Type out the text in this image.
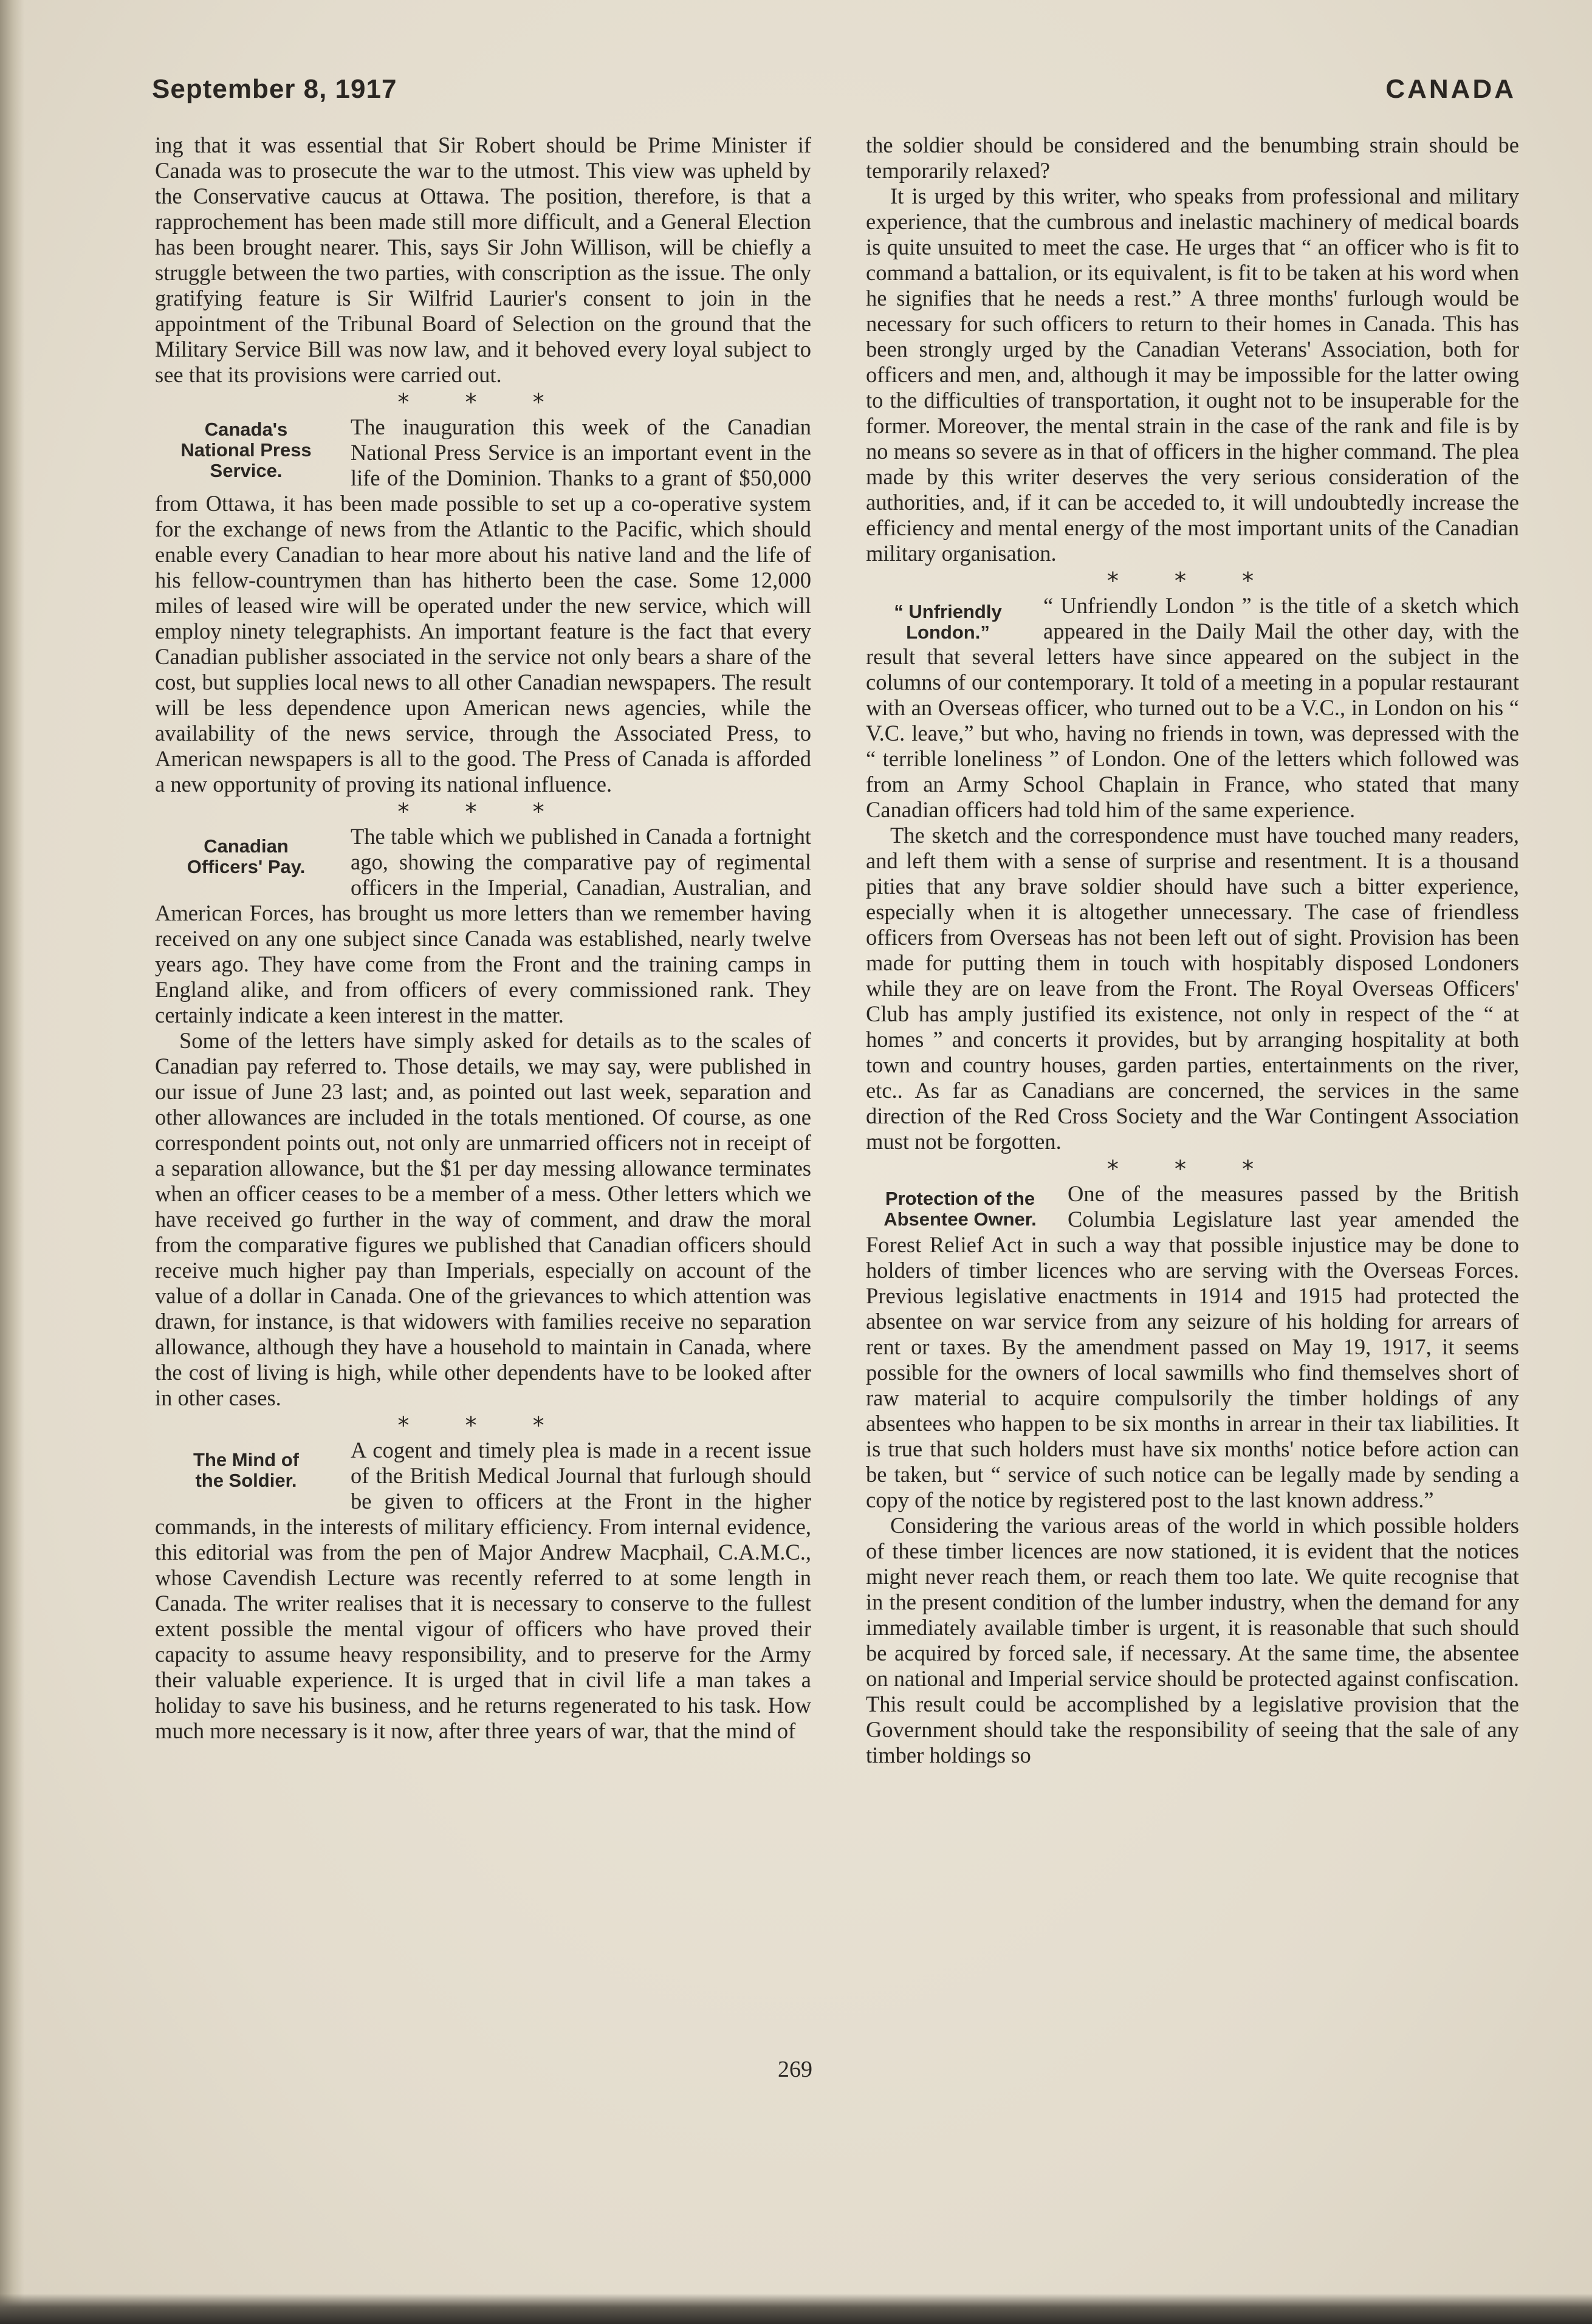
September 8, 1917	CANADA

ing that it was essential that Sir Robert should be Prime Minister if Canada was to prosecute the war to the utmost. This view was upheld by the Conservative caucus at Ottawa. The position, therefore, is that a rapprochement has been made still more difficult, and a General Election has been brought nearer. This, says Sir John Willison, will be chiefly a struggle between the two parties, with conscription as the issue. The only gratifying feature is Sir Wilfrid Laurier's consent to join in the appointment of the Tribunal Board of Selection on the ground that the Military Service Bill was now law, and it behoved every loyal subject to see that its provisions were carried out.

* * *
Canada's
National Press
Service.

The inauguration this week of the Canadian National Press Service is an important event in the life of the Dominion. Thanks to a grant of $50,000 from Ottawa, it has been made possible to set up a co-operative system for the exchange of news from the Atlantic to the Pacific, which should enable every Canadian to hear more about his native land and the life of his fellow-countrymen than has hitherto been the case. Some 12,000 miles of leased wire will be operated under the new service, which will employ ninety telegraphists. An important feature is the fact that every Canadian publisher associated in the service not only bears a share of the cost, but supplies local news to all other Canadian newspapers. The result will be less dependence upon American news agencies, while the availability of the news service, through the Associated Press, to American newspapers is all to the good. The Press of Canada is afforded a new opportunity of proving its national influence.

* * *
Canadian
Officers' Pay.

The table which we published in Canada a fortnight ago, showing the comparative pay of regimental officers in the Imperial, Canadian, Australian, and American Forces, has brought us more letters than we remember having received on any one subject since Canada was established, nearly twelve years ago. They have come from the Front and the training camps in England alike, and from officers of every commissioned rank. They certainly indicate a keen interest in the matter.

Some of the letters have simply asked for details as to the scales of Canadian pay referred to. Those details, we may say, were published in our issue of June 23 last; and, as pointed out last week, separation and other allowances are included in the totals mentioned. Of course, as one correspondent points out, not only are unmarried officers not in receipt of a separation allowance, but the $1 per day messing allowance terminates when an officer ceases to be a member of a mess. Other letters which we have received go further in the way of comment, and draw the moral from the comparative figures we published that Canadian officers should receive much higher pay than Imperials, especially on account of the value of a dollar in Canada. One of the grievances to which attention was drawn, for instance, is that widowers with families receive no separation allowance, although they have a household to maintain in Canada, where the cost of living is high, while other dependents have to be looked after in other cases.

* * *
The Mind of
the Soldier.

A cogent and timely plea is made in a recent issue of the British Medical Journal that furlough should be given to officers at the Front in the higher commands, in the interests of military efficiency. From internal evidence, this editorial was from the pen of Major Andrew Macphail, C.A.M.C., whose Cavendish Lecture was recently referred to at some length in Canada. The writer realises that it is necessary to conserve to the fullest extent possible the mental vigour of officers who have proved their capacity to assume heavy responsibility, and to preserve for the Army their valuable experience. It is urged that in civil life a man takes a holiday to save his business, and he returns regenerated to his task. How much more necessary is it now, after three years of war, that the mind of

the soldier should be considered and the benumbing strain should be temporarily relaxed?

It is urged by this writer, who speaks from professional and military experience, that the cumbrous and inelastic machinery of medical boards is quite unsuited to meet the case. He urges that “ an officer who is fit to command a battalion, or its equivalent, is fit to be taken at his word when he signifies that he needs a rest.” A three months' furlough would be necessary for such officers to return to their homes in Canada. This has been strongly urged by the Canadian Veterans' Association, both for officers and men, and, although it may be impossible for the latter owing to the difficulties of transportation, it ought not to be insuperable for the former. Moreover, the mental strain in the case of the rank and file is by no means so severe as in that of officers in the higher command. The plea made by this writer deserves the very serious consideration of the authorities, and, if it can be acceded to, it will undoubtedly increase the efficiency and mental energy of the most important units of the Canadian military organisation.

* * *
“ Unfriendly
London.”

“ Unfriendly London ” is the title of a sketch which appeared in the Daily Mail the other day, with the result that several letters have since appeared on the subject in the columns of our contemporary. It told of a meeting in a popular restaurant with an Overseas officer, who turned out to be a V.C., in London on his “ V.C. leave,” but who, having no friends in town, was depressed with the “ terrible loneliness ” of London. One of the letters which followed was from an Army School Chaplain in France, who stated that many Canadian officers had told him of the same experience.

The sketch and the correspondence must have touched many readers, and left them with a sense of surprise and resentment. It is a thousand pities that any brave soldier should have such a bitter experience, especially when it is altogether unnecessary. The case of friendless officers from Overseas has not been left out of sight. Provision has been made for putting them in touch with hospitably disposed Londoners while they are on leave from the Front. The Royal Overseas Officers' Club has amply justified its existence, not only in respect of the “ at homes ” and concerts it provides, but by arranging hospitality at both town and country houses, garden parties, entertainments on the river, etc.. As far as Canadians are concerned, the services in the same direction of the Red Cross Society and the War Contingent Association must not be forgotten.

* * *
Protection of the
Absentee Owner.

One of the measures passed by the British Columbia Legislature last year amended the Forest Relief Act in such a way that possible injustice may be done to holders of timber licences who are serving with the Overseas Forces. Previous legislative enactments in 1914 and 1915 had protected the absentee on war service from any seizure of his holding for arrears of rent or taxes. By the amendment passed on May 19, 1917, it seems possible for the owners of local sawmills who find themselves short of raw material to acquire compulsorily the timber holdings of any absentees who happen to be six months in arrear in their tax liabilities. It is true that such holders must have six months' notice before action can be taken, but “ service of such notice can be legally made by sending a copy of the notice by registered post to the last known address.”

Considering the various areas of the world in which possible holders of these timber licences are now stationed, it is evident that the notices might never reach them, or reach them too late. We quite recognise that in the present condition of the lumber industry, when the demand for any immediately available timber is urgent, it is reasonable that such should be acquired by forced sale, if necessary. At the same time, the absentee on national and Imperial service should be protected against confiscation. This result could be accomplished by a legislative provision that the Government should take the responsibility of seeing that the sale of any timber holdings so

269
